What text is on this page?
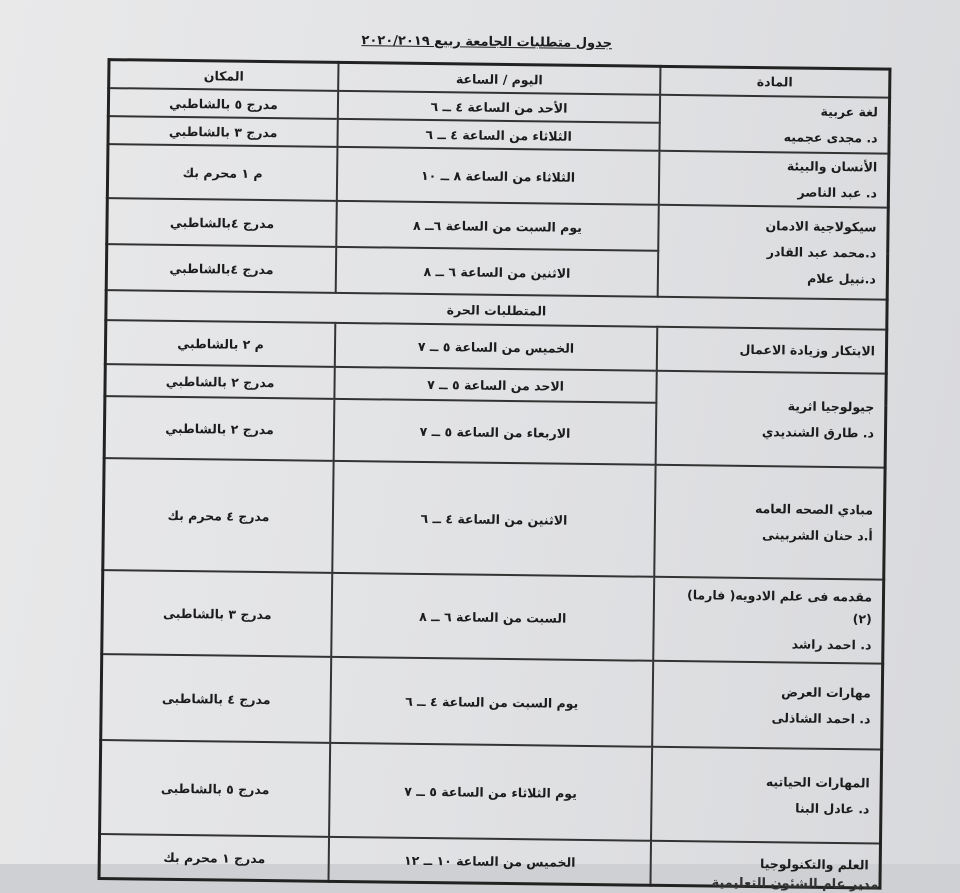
جدول متطلبات الجامعة ربيع ٢٠٢٠/٢٠١٩
المادة	اليوم / الساعة	المكان

لغة عربية
د. مجدى عجميه	الأحد من الساعة ٤ ــ ٦	مدرج ٥ بالشاطبي
	الثلاثاء من الساعة ٤ ــ ٦	مدرج ٣ بالشاطبي

الأنسان والبيئة
د. عبد الناصر	الثلاثاء من الساعة ٨ ــ ١٠	م ١ محرم بك

سيكولاجية الادمان
د.محمد عبد القادر
د.نبيل علام	يوم السبت من الساعة ٦ــ ٨	مدرج ٤بالشاطبي
	الاثنين من الساعة ٦ ــ ٨	مدرج ٤بالشاطبي
المتطلبات الحرة		

الابتكار وزيادة الاعمال	الخميس من الساعة ٥ ــ ٧	م ٢ بالشاطبي

جيولوجيا اثرية
د. طارق الشنديدي	الاحد من الساعة ٥ ــ ٧	مدرج ٢ بالشاطبي
	الاربعاء من الساعة ٥ ــ ٧	مدرج ٢ بالشاطبي

مبادي الصحه العامه
أ.د حنان الشربينى	الاثنين من الساعة ٤ ــ ٦	مدرج ٤ محرم بك

مقدمه فى علم الادويه( فارما) (٢)
د. احمد راشد	السبت من الساعة ٦ ــ ٨	مدرج ٣ بالشاطبى

مهارات العرض
د. احمد الشاذلى	يوم السبت من الساعة ٤ ــ ٦	مدرج ٤ بالشاطبى

المهارات الحياتيه
د. عادل البنا	يوم الثلاثاء من الساعة ٥ ــ ٧	مدرج ٥ بالشاطبى

العلم والتكنولوجيا	الخميس من الساعة ١٠ ــ ١٢	مدرج ١ محرم بك
مدير عام الشئون التعليمية
